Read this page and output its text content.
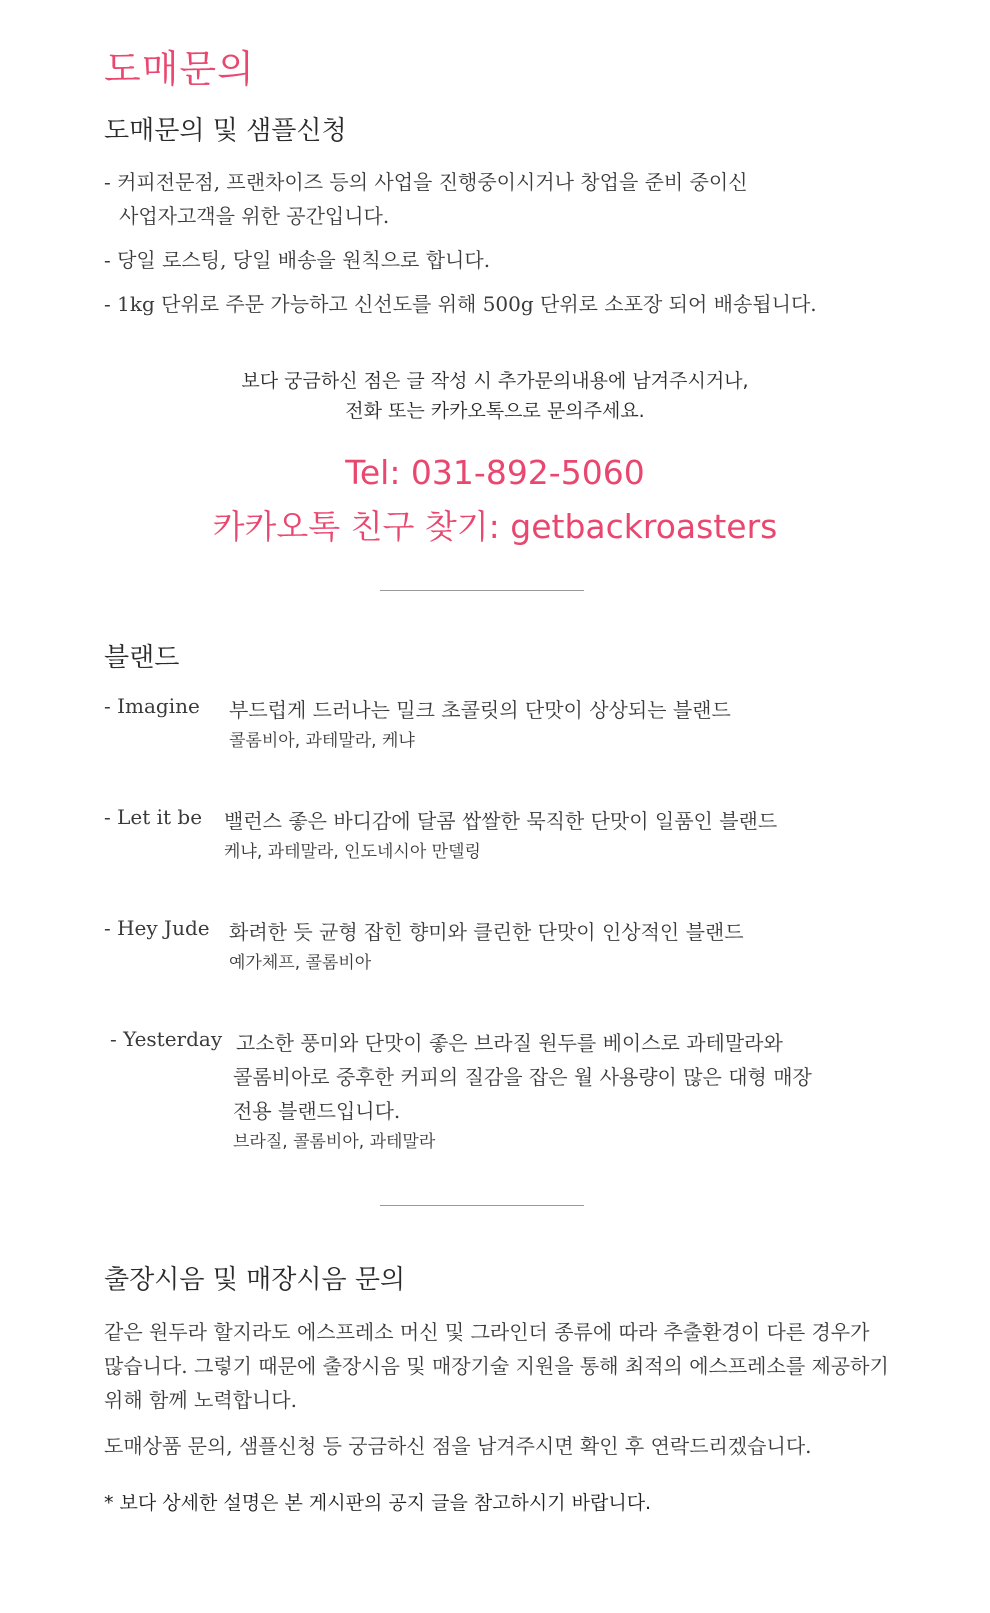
도매문의
도매문의 및 샘플신청
- 커피전문점, 프랜차이즈 등의 사업을 진행중이시거나 창업을 준비 중이신
사업자고객을 위한 공간입니다.
- 당일 로스팅, 당일 배송을 원칙으로 합니다.
- 1kg 단위로 주문 가능하고 신선도를 위해 500g 단위로 소포장 되어 배송됩니다.
보다 궁금하신 점은 글 작성 시 추가문의내용에 남겨주시거나,
전화 또는 카카오톡으로 문의주세요.
Tel: 031-892-5060
카카오톡 친구 찾기: getbackroasters
블랜드
- Imagine 부드럽게 드러나는 밀크 초콜릿의 단맛이 상상되는 블랜드
콜롬비아, 과테말라, 케냐
- Let it be 밸런스 좋은 바디감에 달콤 쌉쌀한 묵직한 단맛이 일품인 블랜드
케냐, 과테말라, 인도네시아 만델링
- Hey Jude 화려한 듯 균형 잡힌 향미와 클린한 단맛이 인상적인 블랜드
예가체프, 콜롬비아
- Yesterday 고소한 풍미와 단맛이 좋은 브라질 원두를 베이스로 과테말라와
콜롬비아로 중후한 커피의 질감을 잡은 월 사용량이 많은 대형 매장
전용 블랜드입니다.
브라질, 콜롬비아, 과테말라
출장시음 및 매장시음 문의
같은 원두라 할지라도 에스프레소 머신 및 그라인더 종류에 따라 추출환경이 다른 경우가
많습니다. 그렇기 때문에 출장시음 및 매장기술 지원을 통해 최적의 에스프레소를 제공하기
위해 함께 노력합니다.
도매상품 문의, 샘플신청 등 궁금하신 점을 남겨주시면 확인 후 연락드리겠습니다.
* 보다 상세한 설명은 본 게시판의 공지 글을 참고하시기 바랍니다.
